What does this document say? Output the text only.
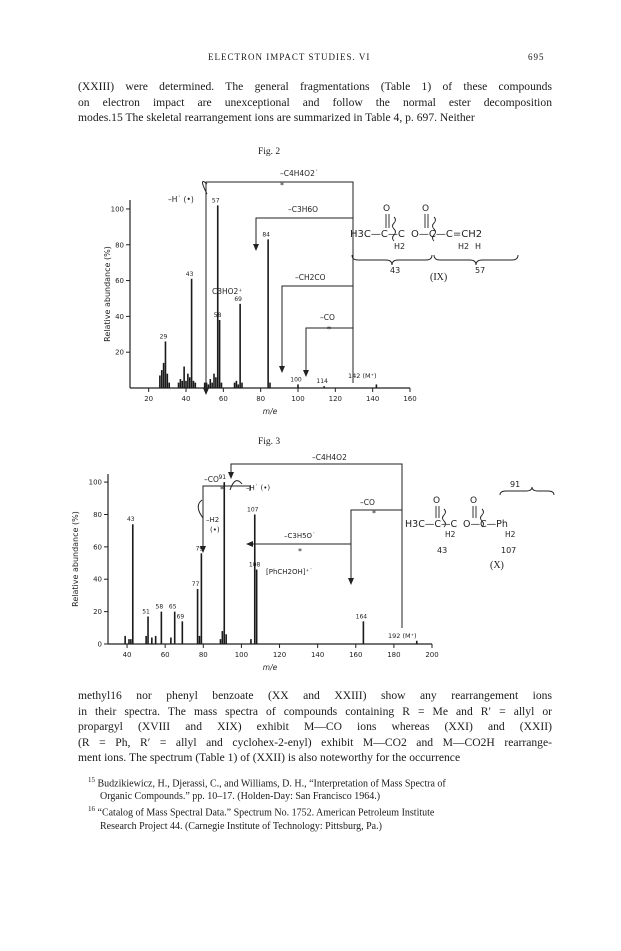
ELECTRON IMPACT STUDIES. VI	695
(XXIII) were determined. The general fragmentations (Table 1) of these compounds
on electron impact are unexceptional and follow the normal ester decomposition
modes.15 The skeletal rearrangement ions are summarized in Table 4, p. 697. Neither
Fig. 2
20	40	60	80	100	120	140	160
20
40
60
80
100
m/e
Relative abundance (%)
–C4H4O2˙
*
–H˙ (•)
–C3H6O
C3HO2⁺
–CH2CO
–CO
*
142 (M⁺)
29
43
57
58
69
84
100 114
H3C—C—C O—C—C=CH2
H2	H2 H
O	O
43	57
(IX)
Fig. 3
40	60	80	100	120	140	160	180	200
0
20
40
60
80
100
m/e
Relative abundance (%)
–C4H4O2
–CO
*	–H˙ (•)
–H2
(•)
–CO
*
–C3H5O˙
*
[PhCH2OH]⁺˙
192 (M⁺)
43
51
58 65
69
77
79
91
107
108
164
91
O	O
H3C—C—C O—C—Ph
H2	H2
43	107
(X)
methyl16 nor phenyl benzoate (XX and XXIII) show any rearrangement ions
in their spectra. The mass spectra of compounds containing R = Me and R′ = allyl or
propargyl (XVIII and XIX) exhibit M—CO ions whereas (XXI) and (XXII)
(R = Ph, R′ = allyl and cyclohex-2-enyl) exhibit M—CO2 and M—CO2H rearrange-
ment ions. The spectrum (Table 1) of (XXII) is also noteworthy for the occurrence
$^{15}$ Budzikiewicz, H., Djerassi, C., and Williams, D. H., “Interpretation of Mass Spectra of
Organic Compounds.” pp. 10–17. (Holden-Day: San Francisco 1964.)
$^{16}$ “Catalog of Mass Spectral Data.” Spectrum No. 1752. American Petroleum Institute
Research Project 44. (Carnegie Institute of Technology: Pittsburg, Pa.)
